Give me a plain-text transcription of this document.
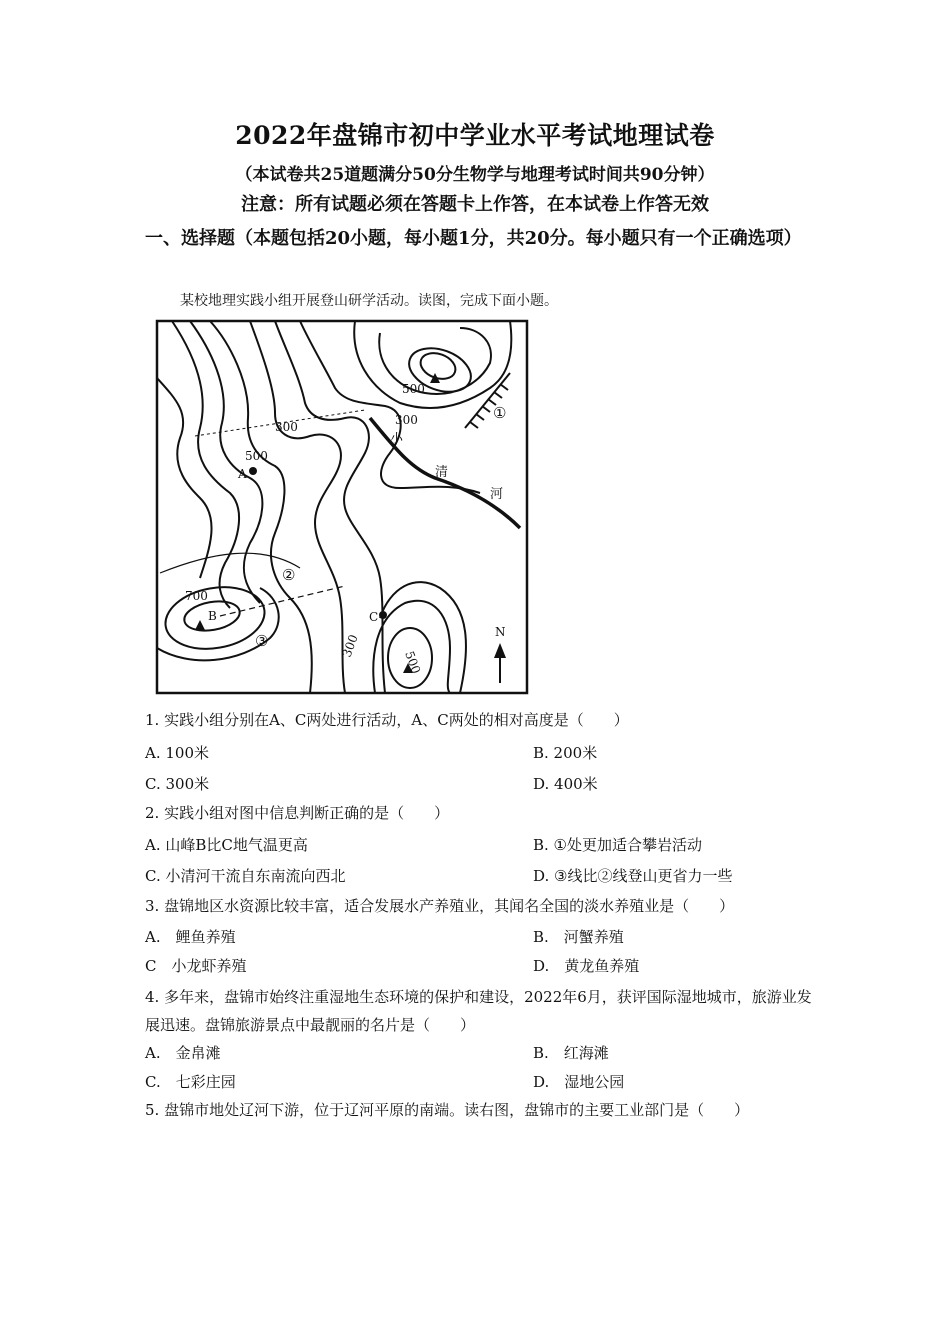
2022年盘锦市初中学业水平考试地理试卷
（本试卷共25道题满分50分生物学与地理考试时间共90分钟）
注意：所有试题必须在答题卡上作答，在本试卷上作答无效
一、选择题（本题包括20小题，每小题1分，共20分。每小题只有一个正确选项）
某校地理实践小组开展登山研学活动。读图，完成下面小题。
500
300	①
300
500
A
小
清
河
②
700
B
③
C
300
500
N
1. 实践小组分别在A、C两处进行活动，A、C两处的相对高度是（　　）
A. 100米	B. 200米
C. 300米	D. 400米
2. 实践小组对图中信息判断正确的是（　　）
A. 山峰B比C地气温更高	B. ①处更加适合攀岩活动
C. 小清河干流自东南流向西北	D. ③线比②线登山更省力一些
3. 盘锦地区水资源比较丰富，适合发展水产养殖业，其闻名全国的淡水养殖业是（　　）
A.　鲤鱼养殖	B.　河蟹养殖
C　小龙虾养殖	D.　黄龙鱼养殖
4. 多年来，盘锦市始终注重湿地生态环境的保护和建设，2022年6月，获评国际湿地城市，旅游业发展迅速。盘锦旅游景点中最靓丽的名片是（　　）
A.　金帛滩	B.　红海滩
C.　七彩庄园	D.　湿地公园
5. 盘锦市地处辽河下游，位于辽河平原的南端。读右图，盘锦市的主要工业部门是（　　）
